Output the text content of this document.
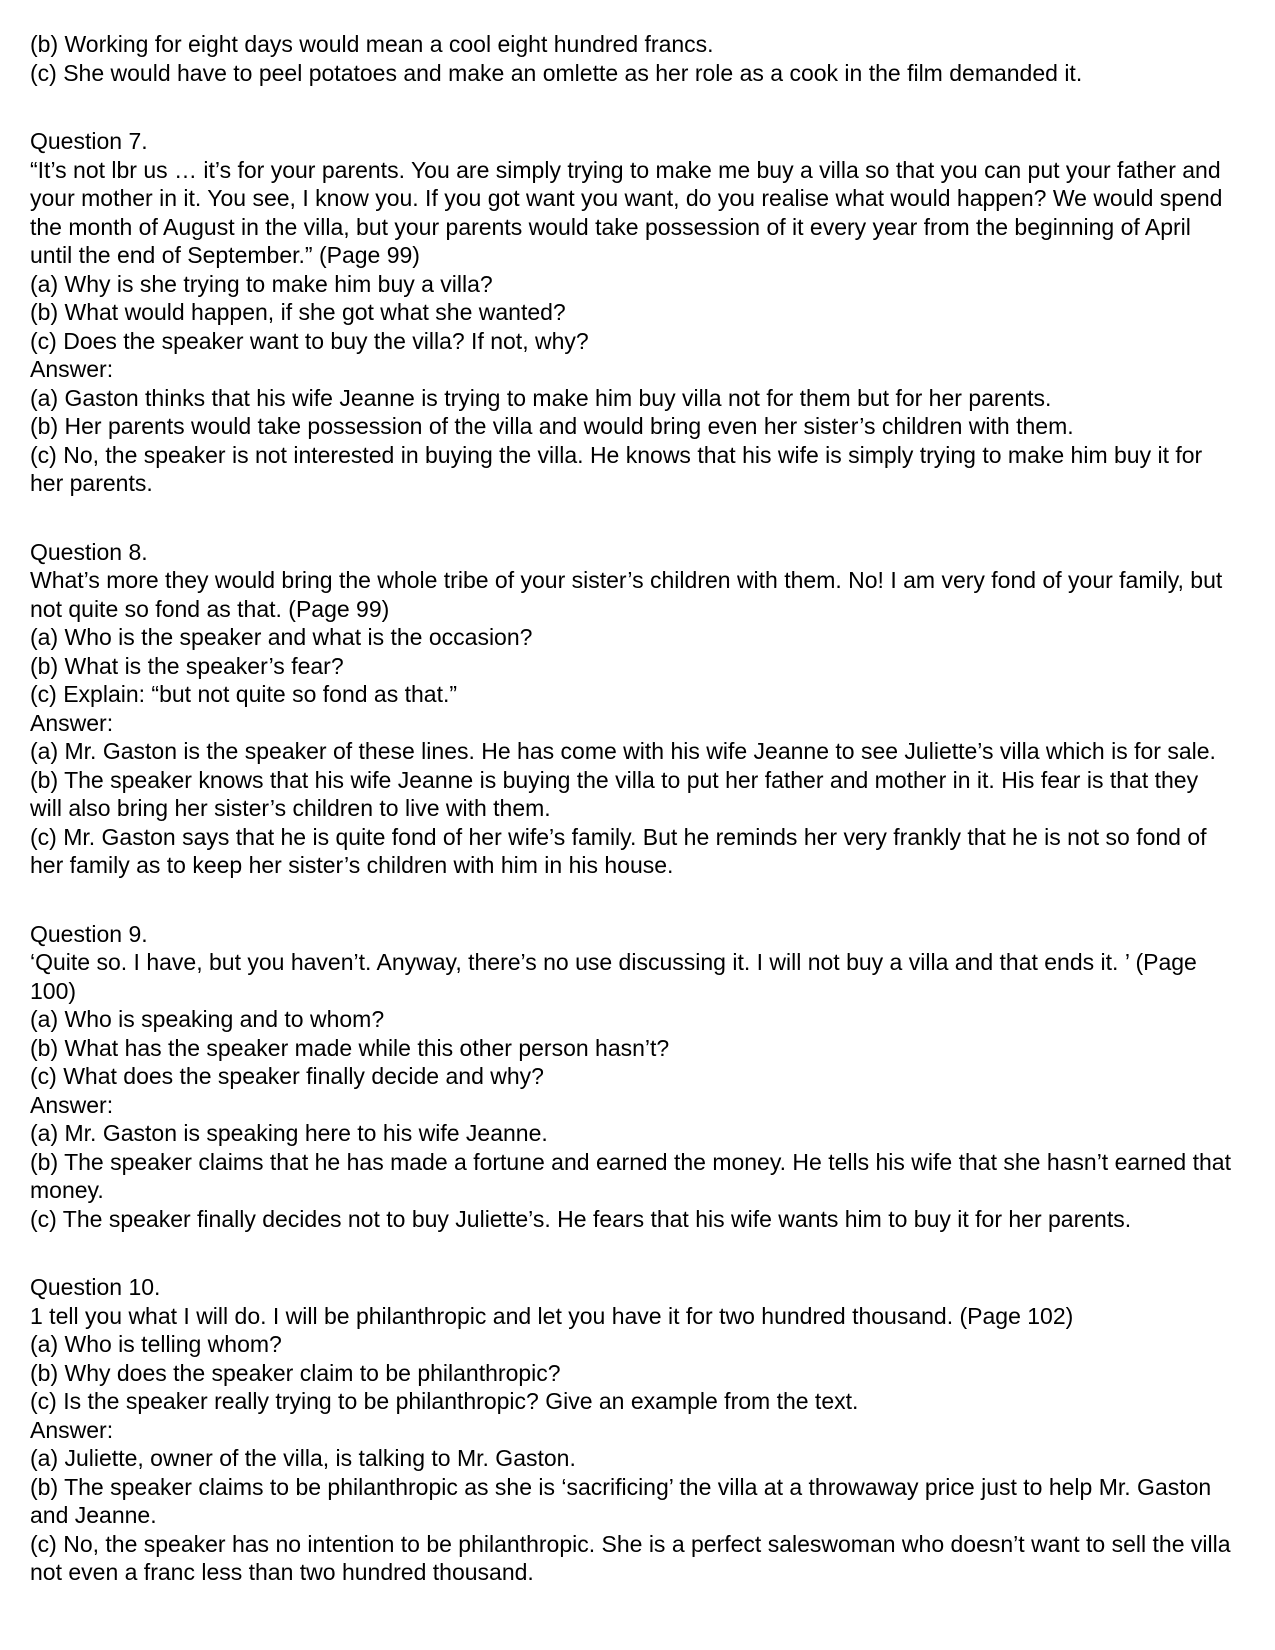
(b) Working for eight days would mean a cool eight hundred francs.

(c) She would have to peel potatoes and make an omlette as her role as a cook in the film demanded it.

Question 7.

“It’s not lbr us … it’s for your parents. You are simply trying to make me buy a villa so that you can put your father and your mother in it. You see, I know you. If you got want you want, do you realise what would happen? We would spend the month of August in the villa, but your parents would take possession of it every year from the beginning of April until the end of September.” (Page 99)

(a) Why is she trying to make him buy a villa?

(b) What would happen, if she got what she wanted?

(c) Does the speaker want to buy the villa? If not, why?

Answer:

(a) Gaston thinks that his wife Jeanne is trying to make him buy villa not for them but for her parents.

(b) Her parents would take possession of the villa and would bring even her sister’s children with them.

(c) No, the speaker is not interested in buying the villa. He knows that his wife is simply trying to make him buy it for her parents.

Question 8.

What’s more they would bring the whole tribe of your sister’s children with them. No! I am very fond of your family, but not quite so fond as that. (Page 99)

(a) Who is the speaker and what is the occasion?

(b) What is the speaker’s fear?

(c) Explain: “but not quite so fond as that.”

Answer:

(a) Mr. Gaston is the speaker of these lines. He has come with his wife Jeanne to see Juliette’s villa which is for sale.

(b) The speaker knows that his wife Jeanne is buying the villa to put her father and mother in it. His fear is that they will also bring her sister’s children to live with them.

(c) Mr. Gaston says that he is quite fond of her wife’s family. But he reminds her very frankly that he is not so fond of her family as to keep her sister’s children with him in his house.

Question 9.

‘Quite so. I have, but you haven’t. Anyway, there’s no use discussing it. I will not buy a villa and that ends it. ’ (Page 100)

(a) Who is speaking and to whom?

(b) What has the speaker made while this other person hasn’t?

(c) What does the speaker finally decide and why?

Answer:

(a) Mr. Gaston is speaking here to his wife Jeanne.

(b) The speaker claims that he has made a fortune and earned the money. He tells his wife that she hasn’t earned that money.

(c) The speaker finally decides not to buy Juliette’s. He fears that his wife wants him to buy it for her parents.

Question 10.

1 tell you what I will do. I will be philanthropic and let you have it for two hundred thousand. (Page 102)

(a) Who is telling whom?

(b) Why does the speaker claim to be philanthropic?

(c) Is the speaker really trying to be philanthropic? Give an example from the text.

Answer:

(a) Juliette, owner of the villa, is talking to Mr. Gaston.

(b) The speaker claims to be philanthropic as she is ‘sacrificing’ the villa at a throwaway price just to help Mr. Gaston and Jeanne.

(c) No, the speaker has no intention to be philanthropic. She is a perfect saleswoman who doesn’t want to sell the villa not even a franc less than two hundred thousand.
